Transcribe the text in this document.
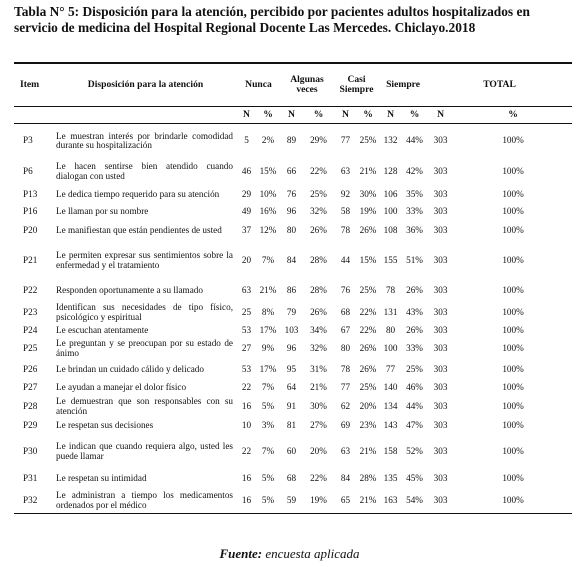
Tabla N° 5: Disposición para la atención, percibido por pacientes adultos hospitalizados en servicio de medicina del Hospital Regional Docente Las Mercedes. Chiclayo.2018
Item	Disposición para la atención	Nunca		Algunas veces		Casi Siempre		Siempre		TOTAL	
		N	%	N	%	N	%	N	%	N	%
P3	Le muestran interés por brindarle comodidad durante su hospitalización	5	2%	89	29%	77	25%	132	44%	303	100%
P6	Le hacen sentirse bien atendido cuando dialogan con usted	46	15%	66	22%	63	21%	128	42%	303	100%
P13	Le dedica tiempo requerido para su atención	29	10%	76	25%	92	30%	106	35%	303	100%
P16	Le llaman por su nombre	49	16%	96	32%	58	19%	100	33%	303	100%
P20	Le manifiestan que están pendientes de usted	37	12%	80	26%	78	26%	108	36%	303	100%
P21	Le permiten expresar sus sentimientos sobre la enfermedad y el tratamiento	20	7%	84	28%	44	15%	155	51%	303	100%
P22	Responden oportunamente a su llamado	63	21%	86	28%	76	25%	78	26%	303	100%
P23	Identifican sus necesidades de tipo físico, psicológico y espiritual	25	8%	79	26%	68	22%	131	43%	303	100%
P24	Le escuchan atentamente	53	17%	103	34%	67	22%	80	26%	303	100%
P25	Le preguntan y se preocupan por su estado de ánimo	27	9%	96	32%	80	26%	100	33%	303	100%
P26	Le brindan un cuidado cálido y delicado	53	17%	95	31%	78	26%	77	25%	303	100%
P27	Le ayudan a manejar el dolor físico	22	7%	64	21%	77	25%	140	46%	303	100%
P28	Le demuestran que son responsables con su atención	16	5%	91	30%	62	20%	134	44%	303	100%
P29	Le respetan sus decisiones	10	3%	81	27%	69	23%	143	47%	303	100%
P30	Le indican que cuando requiera algo, usted les puede llamar	22	7%	60	20%	63	21%	158	52%	303	100%
P31	Le respetan su intimidad	16	5%	68	22%	84	28%	135	45%	303	100%
P32	Le administran a tiempo los medicamentos ordenados por el médico	16	5%	59	19%	65	21%	163	54%	303	100%
Fuente: encuesta aplicada
